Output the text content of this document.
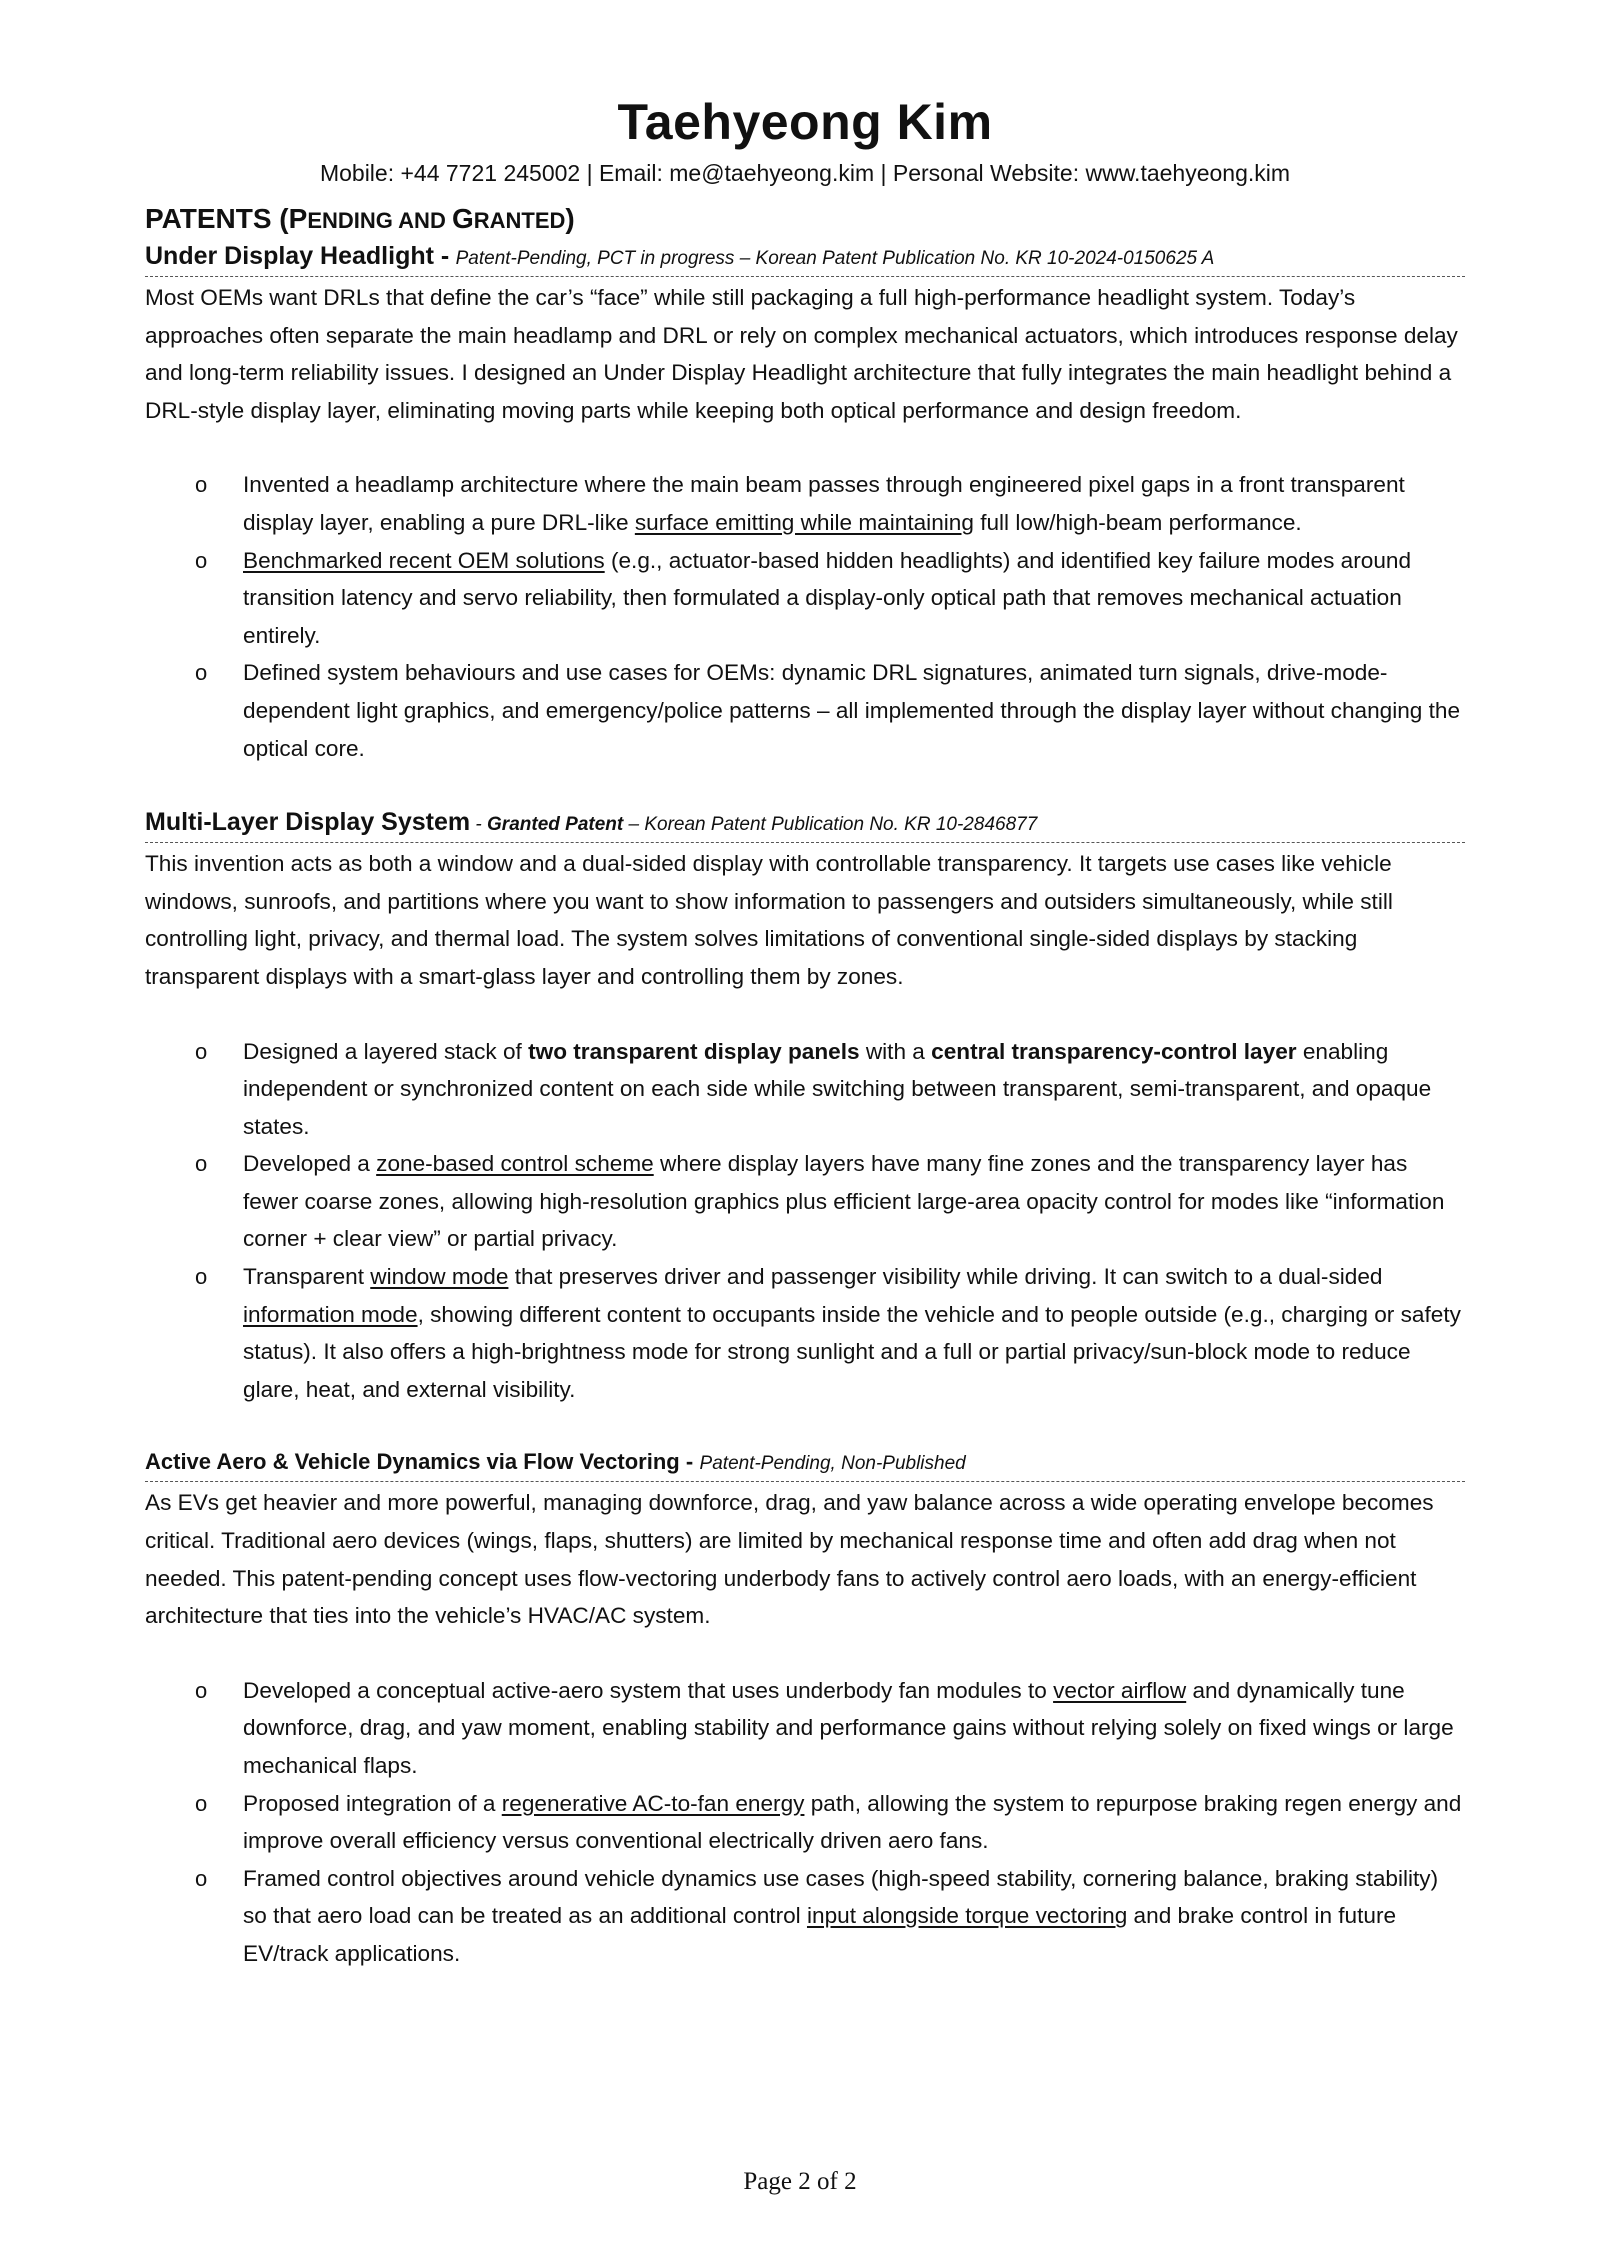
Taehyeong Kim
Mobile: +44 7721 245002 | Email: me@taehyeong.kim | Personal Website: www.taehyeong.kim
PATENTS (PENDING AND GRANTED)
Under Display Headlight - Patent-Pending, PCT in progress – Korean Patent Publication No. KR 10-2024-0150625 A
Most OEMs want DRLs that define the car’s “face” while still packaging a full high-performance headlight system. Today’s approaches often separate the main headlamp and DRL or rely on complex mechanical actuators, which introduces response delay and long-term reliability issues. I designed an Under Display Headlight architecture that fully integrates the main headlight behind a DRL-style display layer, eliminating moving parts while keeping both optical performance and design freedom.
o Invented a headlamp architecture where the main beam passes through engineered pixel gaps in a front transparent display layer, enabling a pure DRL-like surface emitting while maintaining full low/high-beam performance.
o Benchmarked recent OEM solutions (e.g., actuator-based hidden headlights) and identified key failure modes around transition latency and servo reliability, then formulated a display-only optical path that removes mechanical actuation entirely.
o Defined system behaviours and use cases for OEMs: dynamic DRL signatures, animated turn signals, drive-mode-dependent light graphics, and emergency/police patterns – all implemented through the display layer without changing the optical core.
Multi-Layer Display System - Granted Patent – Korean Patent Publication No. KR 10-2846877
This invention acts as both a window and a dual-sided display with controllable transparency. It targets use cases like vehicle windows, sunroofs, and partitions where you want to show information to passengers and outsiders simultaneously, while still controlling light, privacy, and thermal load. The system solves limitations of conventional single-sided displays by stacking transparent displays with a smart-glass layer and controlling them by zones.
o Designed a layered stack of two transparent display panels with a central transparency-control layer enabling independent or synchronized content on each side while switching between transparent, semi-transparent, and opaque states.
o Developed a zone-based control scheme where display layers have many fine zones and the transparency layer has fewer coarse zones, allowing high-resolution graphics plus efficient large-area opacity control for modes like “information corner + clear view” or partial privacy.
o Transparent window mode that preserves driver and passenger visibility while driving. It can switch to a dual-sided information mode, showing different content to occupants inside the vehicle and to people outside (e.g., charging or safety status). It also offers a high-brightness mode for strong sunlight and a full or partial privacy/sun-block mode to reduce glare, heat, and external visibility.
Active Aero & Vehicle Dynamics via Flow Vectoring - Patent-Pending, Non-Published
As EVs get heavier and more powerful, managing downforce, drag, and yaw balance across a wide operating envelope becomes critical. Traditional aero devices (wings, flaps, shutters) are limited by mechanical response time and often add drag when not needed. This patent-pending concept uses flow-vectoring underbody fans to actively control aero loads, with an energy-efficient architecture that ties into the vehicle’s HVAC/AC system.
o Developed a conceptual active-aero system that uses underbody fan modules to vector airflow and dynamically tune downforce, drag, and yaw moment, enabling stability and performance gains without relying solely on fixed wings or large mechanical flaps.
o Proposed integration of a regenerative AC-to-fan energy path, allowing the system to repurpose braking regen energy and improve overall efficiency versus conventional electrically driven aero fans.
o Framed control objectives around vehicle dynamics use cases (high-speed stability, cornering balance, braking stability) so that aero load can be treated as an additional control input alongside torque vectoring and brake control in future EV/track applications.
Page 2 of 2
